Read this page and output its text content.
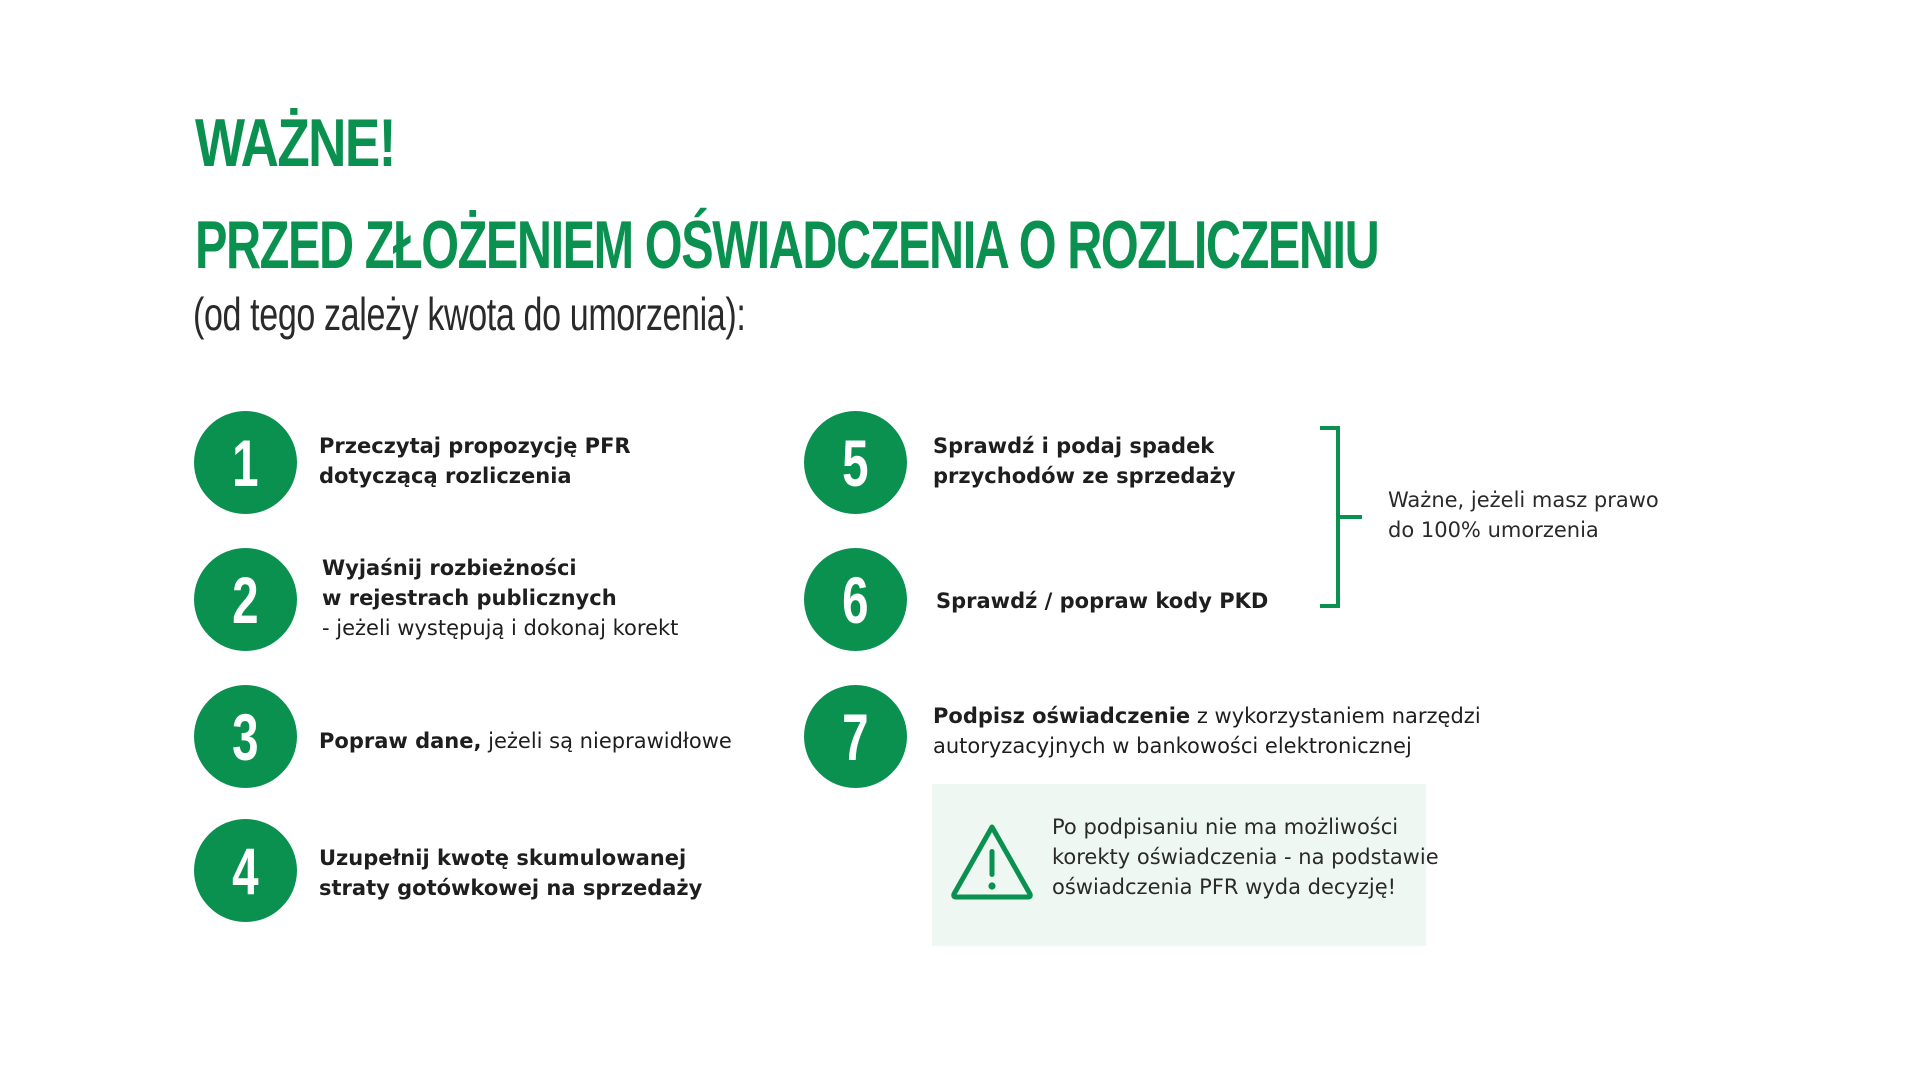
WAŻNE!
PRZED ZŁOŻENIEM OŚWIADCZENIA O ROZLICZENIU

(od tego zależy kwota do umorzenia):

1	Przeczytaj propozycję PFR
dotyczącą rozliczenia
2	Wyjaśnij rozbieżności
w rejestrach publicznych
- jeżeli występują i dokonaj korekt
3	Popraw dane, jeżeli są nieprawidłowe
4	Uzupełnij kwotę skumulowanej
straty gotówkowej na sprzedaży
5	Sprawdź i podaj spadek
przychodów ze sprzedaży
6	Sprawdź / popraw kody PKD
7	Podpisz oświadczenie z wykorzystaniem narzędzi
autoryzacyjnych w bankowości elektronicznej
Ważne, jeżeli masz prawo
do 100% umorzenia
Po podpisaniu nie ma możliwości
korekty oświadczenia - na podstawie
oświadczenia PFR wyda decyzję!
